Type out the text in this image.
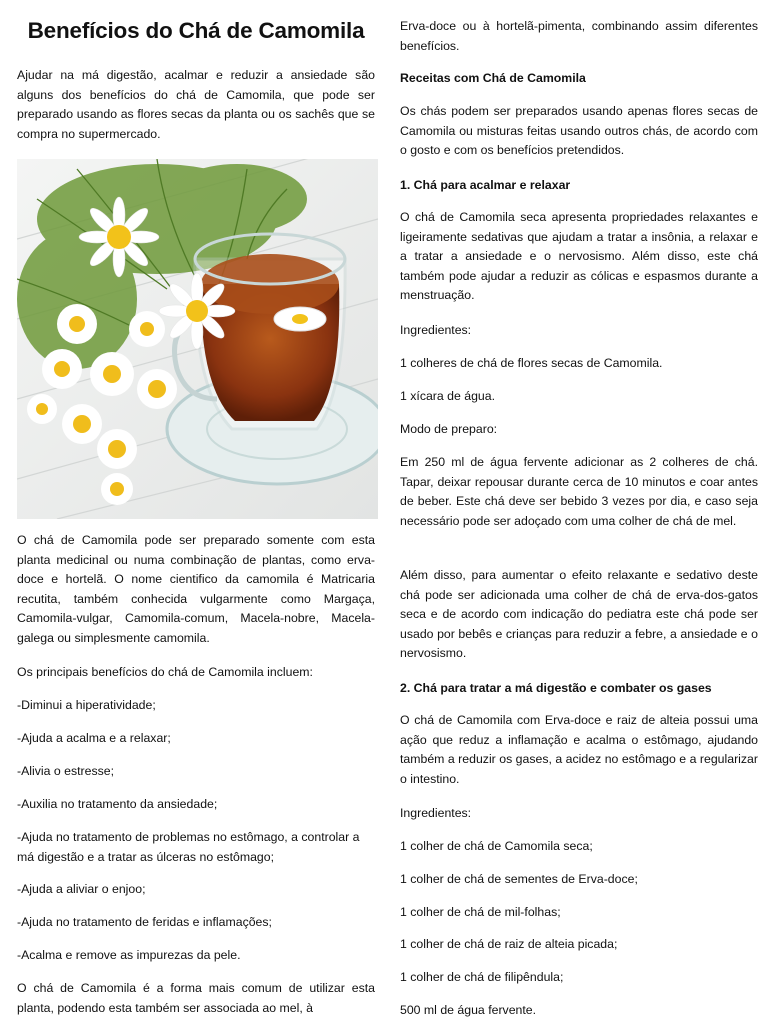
Benefícios do Chá de Camomila

Ajudar na má digestão, acalmar e reduzir a ansiedade são alguns dos benefícios do chá de Camomila, que pode ser preparado usando as flores secas da planta ou os sachês que se compra no supermercado.

O chá de Camomila pode ser preparado somente com esta planta medicinal ou numa combinação de plantas, como erva-doce e hortelã. O nome cientifico da camomila é Matricaria recutita, também conhecida vulgarmente como Margaça, Camomila-vulgar, Camomila-comum, Macela-nobre, Macela-galega ou simplesmente camomila.

Os principais benefícios do chá de Camomila incluem:

-Diminui a hiperatividade;

-Ajuda a acalma e a relaxar;

-Alivia o estresse;

-Auxilia no tratamento da ansiedade;

-Ajuda no tratamento de problemas no estômago, a controlar a má digestão e a tratar as úlceras no estômago;

-Ajuda a aliviar o enjoo;

-Ajuda no tratamento de feridas e inflamações;

-Acalma e remove as impurezas da pele.

O chá de Camomila é a forma mais comum de utilizar esta planta, podendo esta também ser associada ao mel, à

Erva-doce ou à hortelã-pimenta, combinando assim diferentes benefícios.

Receitas com Chá de Camomila

Os chás podem ser preparados usando apenas flores secas de Camomila ou misturas feitas usando outros chás, de acordo com o gosto e com os benefícios pretendidos.

1. Chá para acalmar e relaxar

O chá de Camomila seca apresenta propriedades relaxantes e ligeiramente sedativas que ajudam a tratar a insônia, a relaxar e a tratar a ansiedade e o nervosismo. Além disso, este chá também pode ajudar a reduzir as cólicas e espasmos durante a menstruação.

Ingredientes:

1 colheres de chá de flores secas de Camomila.

1 xícara de água.

Modo de preparo:

Em 250 ml de água fervente adicionar as 2 colheres de chá. Tapar, deixar repousar durante cerca de 10 minutos e coar antes de beber. Este chá deve ser bebido 3 vezes por dia, e caso seja necessário pode ser adoçado com uma colher de chá de mel.

Além disso, para aumentar o efeito relaxante e sedativo deste chá pode ser adicionada uma colher de chá de erva-dos-gatos seca e de acordo com indicação do pediatra este chá pode ser usado por bebês e crianças para reduzir a febre, a ansiedade e o nervosismo.

2. Chá para tratar a má digestão e combater os gases

O chá de Camomila com Erva-doce e raiz de alteia possui uma ação que reduz a inflamação e acalma o estômago, ajudando também a reduzir os gases, a acidez no estômago e a regularizar o intestino.

Ingredientes:

1 colher de chá de Camomila seca;

1 colher de chá de sementes de Erva-doce;

1 colher de chá de mil-folhas;

1 colher de chá de raiz de alteia picada;

1 colher de chá de filipêndula;

500 ml de água fervente.
